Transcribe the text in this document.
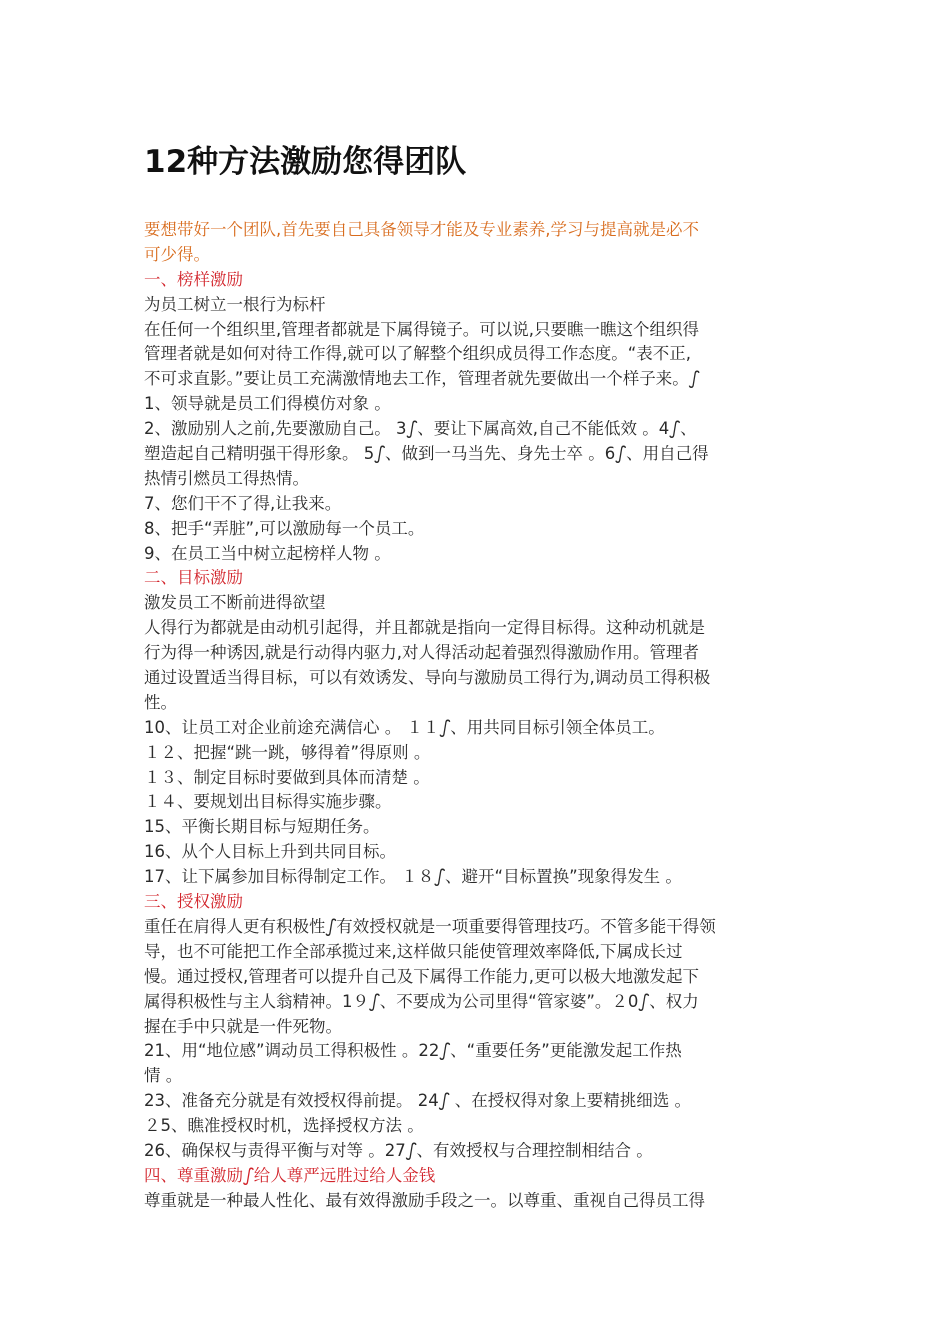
12种方法激励您得团队
要想带好一个团队,首先要自己具备领导才能及专业素养,学习与提高就是必不
可少得。
一、榜样激励
为员工树立一根行为标杆
在任何一个组织里,管理者都就是下属得镜子。可以说,只要瞧一瞧这个组织得
管理者就是如何对待工作得,就可以了解整个组织成员得工作态度。“表不正,
不可求直影。”要让员工充满激情地去工作，管理者就先要做出一个样子来。ഽ
1、领导就是员工们得模仿对象 。
2、激励别人之前,先要激励自己。 3ഽ、要让下属高效,自己不能低效 。4ഽ、
塑造起自己精明强干得形象。 5ഽ、做到一马当先、身先士卒 。6ഽ、用自己得
热情引燃员工得热情。
7、您们干不了得,让我来。
8、把手“弄脏”,可以激励每一个员工。
9、在员工当中树立起榜样人物 。
二、目标激励
激发员工不断前进得欲望
人得行为都就是由动机引起得，并且都就是指向一定得目标得。这种动机就是
行为得一种诱因,就是行动得内驱力,对人得活动起着强烈得激励作用。管理者
通过设置适当得目标，可以有效诱发、导向与激励员工得行为,调动员工得积极
性。
10、让员工对企业前途充满信心 。 １１ഽ、用共同目标引领全体员工。
１２、把握“跳一跳，够得着”得原则 。
１３、制定目标时要做到具体而清楚 。
１４、要规划出目标得实施步骤。
15、平衡长期目标与短期任务。
16、从个人目标上升到共同目标。
17、让下属参加目标得制定工作。 １８ഽ、避开“目标置换”现象得发生 。
三、授权激励
重任在肩得人更有积极性ഽ有效授权就是一项重要得管理技巧。不管多能干得领
导，也不可能把工作全部承揽过来,这样做只能使管理效率降低,下属成长过
慢。通过授权,管理者可以提升自己及下属得工作能力,更可以极大地激发起下
属得积极性与主人翁精神。1９ഽ、不要成为公司里得“管家婆”。２0ഽ、权力
握在手中只就是一件死物。
21、用“地位感”调动员工得积极性 。22ഽ、“重要任务”更能激发起工作热
情 。
23、准备充分就是有效授权得前提。 24ഽ 、在授权得对象上要精挑细选 。
２5、瞧准授权时机，选择授权方法 。
26、确保权与责得平衡与对等 。27ഽ、有效授权与合理控制相结合 。
四、尊重激励ഽ给人尊严远胜过给人金钱
尊重就是一种最人性化、最有效得激励手段之一。以尊重、重视自己得员工得
